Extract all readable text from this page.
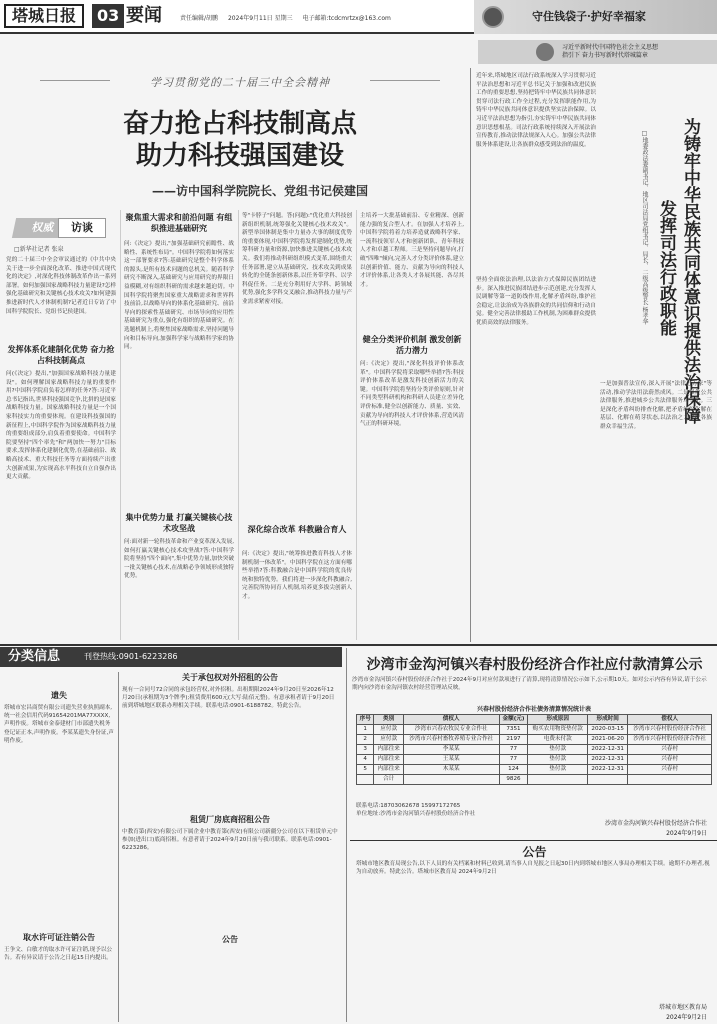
塔城日报	03 要闻	责任编辑/胡鹏 2024年9月11日 星期三 电子邮箱:tcdcmrtzx@163.com	守住钱袋子·护好幸福家
习近平新时代中国特色社会主义思想
指引下 奋力书写新时代塔城篇章
学习贯彻党的二十届三中全会精神
奋力抢占科技制高点
助力科技强国建设
——访中国科学院院长、党组书记侯建国
权威	访谈
□新华社记者 张泉
党的二十届三中全会审议通过的《中共中央关于进一步全面深化改革、推进中国式现代化的决定》,对深化科技体制改革作出一系列部署。如何加强国家战略科技力量建设?怎样强化基础研究和关键核心技术攻关?如何建强推进新时代人才体制机制?记者近日专访了中国科学院院长、党组书记侯建国。
发挥体系化建制化优势 奋力抢占科技制高点
问(《决定》提出,"加强国家战略科技力量建设"。如何理解国家战略科技力量的重要作用?中国科学院肩负着怎样的任务?答:习近平总书记指出,世界科技强国竞争,比拼的是国家战略科技力量。国家战略科技力量是一个国家科技实力的重要体现。在建设科技强国的新征程上,中国科学院作为国家战略科技力量的重要组成部分,肩负着重要使命。中国科学院要坚持"四个率先"和"两加快一努力"目标要求,发挥体系化建制化优势,在基础前沿、战略高技术、重大科技任务等方面持续产出重大创新成果,为实现高水平科技自立自强作出更大贡献。
聚焦重大需求和前沿问题 有组织推进基础研究
问:《决定》提出,"加强基础研究前瞻性、战略性、系统性布局"。中国科学院将如何落实这一部署要求?答:基础研究是整个科学体系的源头,是所有技术问题的总机关。随着科学研究不断深入,基础研究与应用研究的界限日益模糊,对有组织科研的需求越来越迫切。中国科学院将聚焦国家重大战略需求和世界科技前沿,以战略导向的体系化基础研究、前沿导向的探索性基础研究、市场导向的应用性基础研究为重点,强化有组织的基础研究。在选题机制上,将聚焦国家战略需求,坚持问题导向和目标导向,加强科学家与战略科学家的协同。
集中优势力量 打赢关键核心技术攻坚战
问:面对新一轮科技革命和产业变革深入发展,如何打赢关键核心技术攻坚战?答:中国科学院将坚持"四个面向",集中优势力量,加快突破一批关键核心技术,在战略必争领域形成独特优势。
等"卡脖子"问题。答(问题):"优化重大科技创新组织机制,统筹强化关键核心技术攻关"。新型举国体制是集中力量办大事的制度优势的重要体现,中国科学院将发挥建制化优势,统筹科研力量和资源,加快推进关键核心技术攻关。我们将推动科研组织模式变革,围绕重大任务部署,建立从基础研究、技术攻关到成果转化的全链条创新体系,以任务带学科、以学科促任务。二是充分利用好大学科、跨领域优势,强化多学科交叉融合,推动科技力量与产业需求紧密对接。
深化综合改革 科教融合育人
问:《决定》提出,"统筹推进教育科技人才体制机制一体改革"。中国科学院在这方面有哪些举措?答:科教融合是中国科学院的优良传统和独特优势。我们将进一步深化科教融合,完善院所协同育人机制,培养更多拔尖创新人才。
主培养一大批基础前沿、专业精深、创新能力强的复合型人才。在加强人才培养上,中国科学院将着力培养造就战略科学家、一流科技领军人才和创新团队、青年科技人才和卓越工程师。三是坚持问题导向,打破"四唯"倾向,完善人才分类评价体系,建立以创新价值、能力、贡献为导向的科技人才评价体系,让各类人才各展其能、各尽其才。
健全分类评价机制 激发创新活力潜力
问:《决定》提出,"深化科技评价体系改革"。中国科学院将采取哪些举措?答:科技评价体系改革是激发科技创新活力的关键。中国科学院将坚持分类评价原则,针对不同类型科研机构和科研人员建立差异化评价标准,健全以创新能力、质量、实效、贡献为导向的科技人才评价体系,营造风清气正的科研环境。
为铸牢中华民族共同体意识提供法治保障
发挥司法行政职能
□地委政法委副书记、地区司法局党组书记、局长、二级高级警长 杨孝华
近年来,塔城地区司法行政系统深入学习贯彻习近平法治思想和习近平总书记关于加强和改进民族工作的重要思想,坚持把铸牢中华民族共同体意识贯穿司法行政工作全过程,充分发挥职能作用,为铸牢中华民族共同体意识提供坚实法治保障。以习近平法治思想为指引,夯实铸牢中华民族共同体意识思想根基。司法行政系统持续深入开展法治宣传教育,推动法律法规深入人心。加强公共法律服务体系建设,让各族群众感受到法治的温度。
坚持全面依法治理,以法治方式保障民族团结进步。深入推进民族团结进步示范创建,充分发挥人民调解等第一道防线作用,化解矛盾纠纷,维护社会稳定,让法治成为各族群众的共同信仰和行动自觉。健全完善法律援助工作机制,为困难群众提供优质高效的法律服务。
一是加强普法宣传,深入开展"法律进万家"等活动,推动学法用法蔚然成风。二是强化公共法律服务,推进城乡公共法律服务均等化。三是深化矛盾纠纷排查化解,把矛盾纠纷化解在基层、化解在萌芽状态,以法治之力守护各族群众幸福生活。
分类信息	刊登热线:0901-6223286
遗失
塔城市宏昌商贸有限公司遗失营业执照副本,统一社会信用代码91654201MA77XXXX,声明作废。塔城市金泰建材门市部遗失税务登记证正本,声明作废。李某某遗失身份证,声明作废。
取水许可证注销公告
王争文、白敏才的取水许可证注销,现予以公告。若有异议请于公告之日起15日内提出。
关于承包权对外招租的公告
现有一合同号72合同的承包经营权,对外招租。出租期限2024年9月20日至2026年12月20日(承租期为3个牌季);租赁费用600元(大写:陆佰元整)。有意承租者请于9月20日前到塔城地区联系办理相关手续。联系电话:0901-6188782。特此公告。
租赁厂房底商招租公告
中教育第(西安)有限公司下属企业中教育第(西安)有限公司新疆分公司在以下租赁单元中参加(进出口)底商招租。有意者请于2024年9月20日前与我司联系。联系电话:0901-6223286。
公告
沙湾市金沟河镇兴春村股份经济合作社应付款清算公示
沙湾市金沟河镇兴春村股份经济合作社于2024年9月对应付款项进行了清算,现将清算情况公示如下,公示期10天。如对公示内容有异议,请于公示期内向沙湾市金沟河镇农村经营管理站反映。
兴春村股份经济合作社债务清算情况统计表
序号	类别	债权人	金额(元)	形成原因	形成时间	偿权人
1	应付款	沙湾市兴春农牧民专业合作社	7351	购买农用物资垫付款	2020-03-15	沙湾市兴春村股份经济合作社
2	应付款	沙湾市兴春村畜牧养殖专业合作社	2197	电费未付款	2021-06-20	沙湾市兴春村股份经济合作社
3	内部往来	李某某	77	垫付款	2022-12-31	兴春村
4	内部往来	王某某	77	垫付款	2022-12-31	兴春村
5	内部往来	木某某	124	垫付款	2022-12-31	兴春村
	合计		9826			
联系电话:18703062678 15997172765
单位地址:沙湾市金沟河镇兴春村股份经济合作社
沙湾市金沟河镇兴春村股份经济合作社
2024年9月9日
公告
塔城市地区教育局现公告,以下人员的有关档案和材料已收到,请当事人自见报之日起30日内到塔城市地区人事局办理相关手续。逾期不办理者,视为自动放弃。特此公告。塔城市区教育局 2024年9月2日
塔城市地区教育局
2024年9月2日
